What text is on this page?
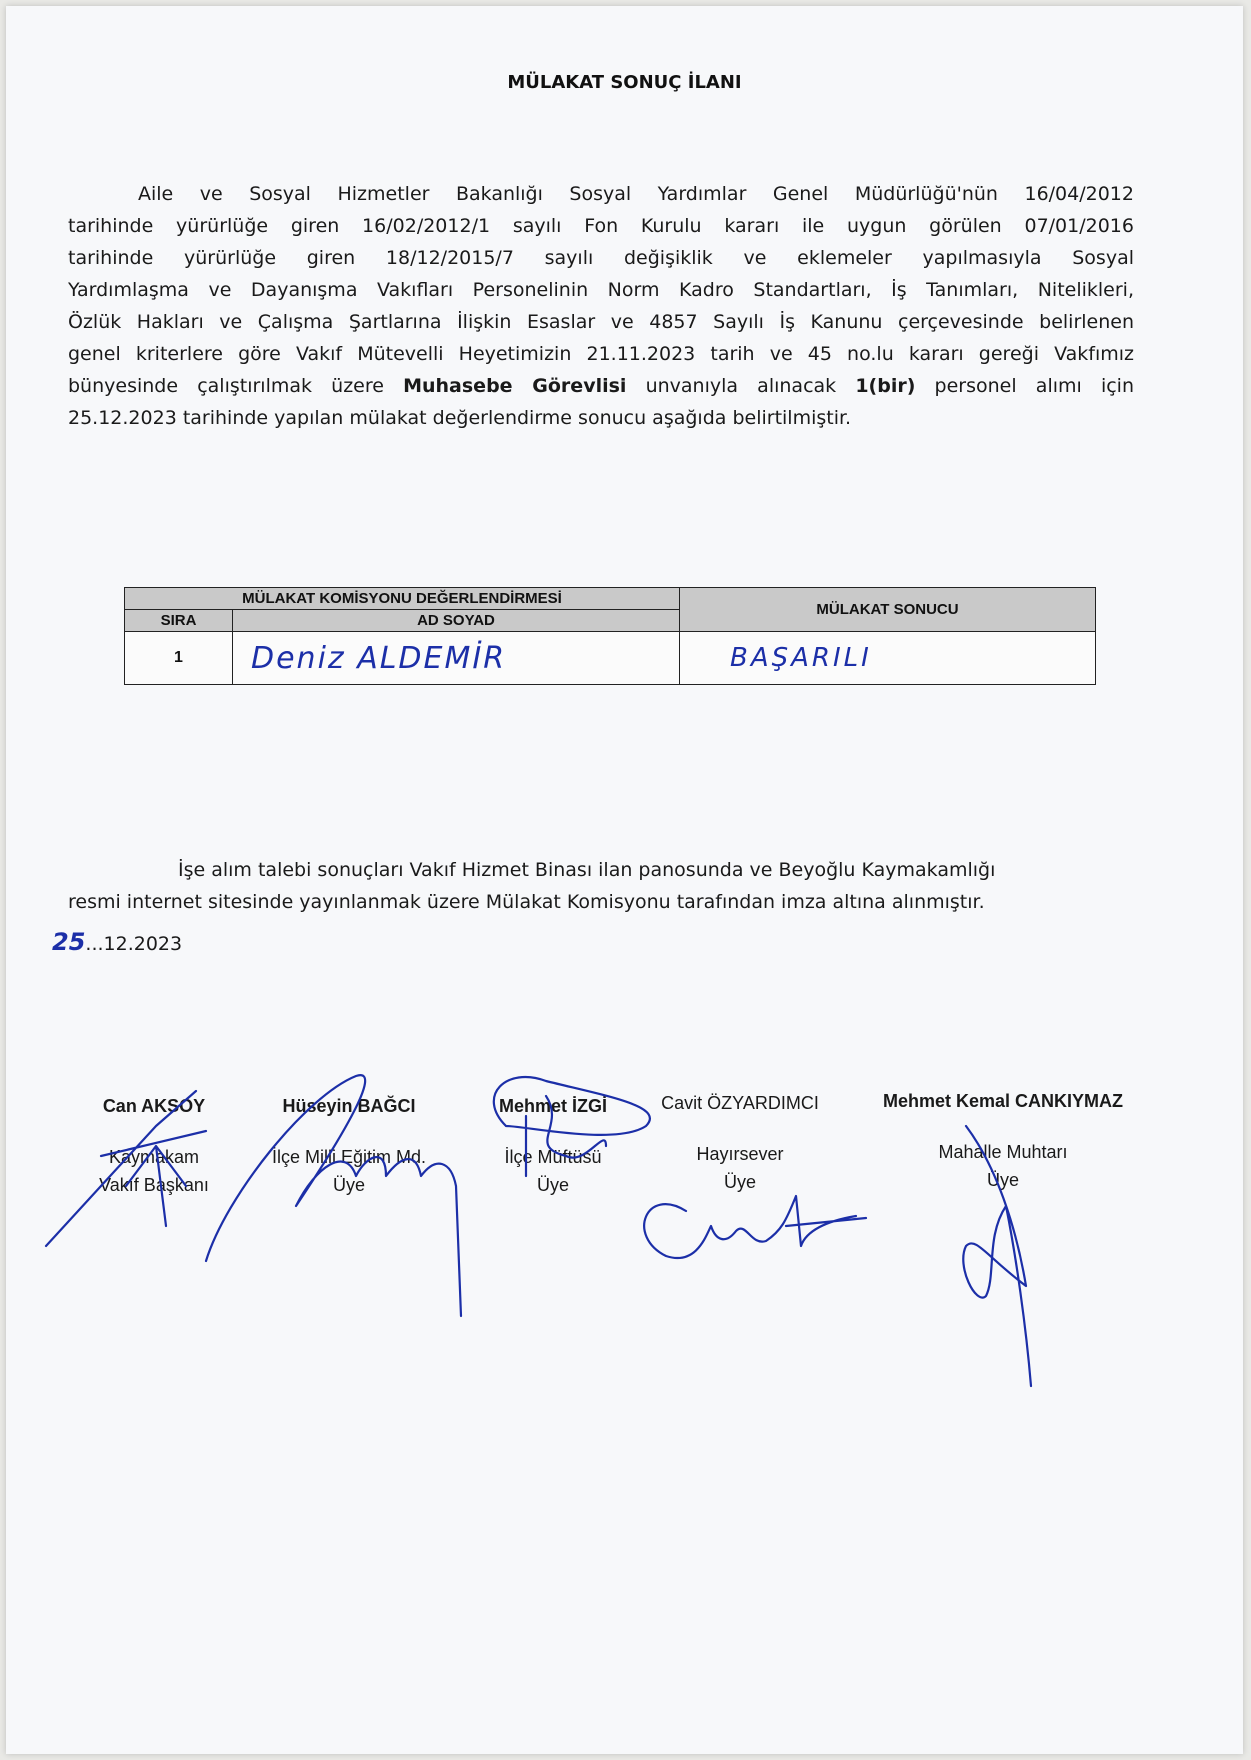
MÜLAKAT SONUÇ İLANI
Aile ve Sosyal Hizmetler Bakanlığı Sosyal Yardımlar Genel Müdürlüğü'nün 16/04/2012
tarihinde yürürlüğe giren 16/02/2012/1 sayılı Fon Kurulu kararı ile uygun görülen 07/01/2016
tarihinde yürürlüğe giren 18/12/2015/7 sayılı değişiklik ve eklemeler yapılmasıyla Sosyal
Yardımlaşma ve Dayanışma Vakıfları Personelinin Norm Kadro Standartları, İş Tanımları, Nitelikleri,
Özlük Hakları ve Çalışma Şartlarına İlişkin Esaslar ve 4857 Sayılı İş Kanunu çerçevesinde belirlenen
genel kriterlere göre Vakıf Mütevelli Heyetimizin 21.11.2023 tarih ve 45 no.lu kararı gereği Vakfımız
bünyesinde çalıştırılmak üzere Muhasebe Görevlisi unvanıyla alınacak 1(bir) personel alımı için
25.12.2023 tarihinde yapılan mülakat değerlendirme sonucu aşağıda belirtilmiştir.
MÜLAKAT KOMİSYONU DEĞERLENDİRMESİ		MÜLAKAT SONUCU
SIRA	AD SOYAD	
1	Deniz ALDEMİR	BAŞARILI
İşe alım talebi sonuçları Vakıf Hizmet Binası ilan panosunda ve Beyoğlu Kaymakamlığı
resmi internet sitesinde yayınlanmak üzere Mülakat Komisyonu tarafından imza altına alınmıştır.
25...12.2023
Can AKSOY
Kaymakam
Vakıf Başkanı
Hüseyin BAĞCI
İlçe Milli Eğitim Md.
Üye
Mehmet İZGİ
İlçe Müftüsü
Üye
Cavit ÖZYARDIMCI
Hayırsever
Üye
Mehmet Kemal CANKIYMAZ
Mahalle Muhtarı
Üye
